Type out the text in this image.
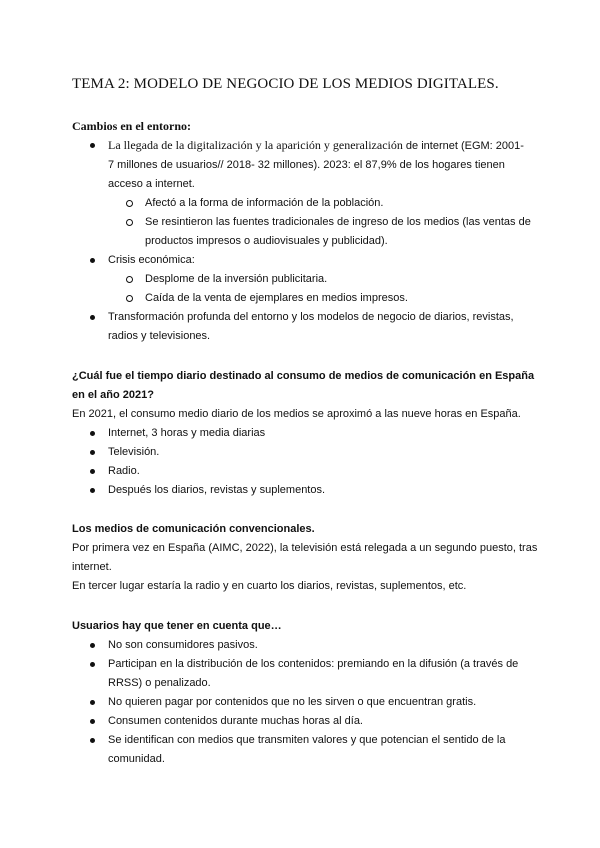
TEMA 2: MODELO DE NEGOCIO DE LOS MEDIOS DIGITALES.
Cambios en el entorno:
La llegada de la digitalización y la aparición y generalización de internet (EGM: 2001- 7 millones de usuarios// 2018- 32 millones). 2023: el 87,9% de los hogares tienen acceso a internet.
Afectó a la forma de información de la población.
Se resintieron las fuentes tradicionales de ingreso de los medios (las ventas de productos impresos o audiovisuales y publicidad).
Crisis económica:
Desplome de la inversión publicitaria.
Caída de la venta de ejemplares en medios impresos.
Transformación profunda del entorno y los modelos de negocio de diarios, revistas, radios y televisiones.
¿Cuál fue el tiempo diario destinado al consumo de medios de comunicación en España en el año 2021?
En 2021, el consumo medio diario de los medios se aproximó a las nueve horas en España.
Internet, 3 horas y media diarias
Televisión.
Radio.
Después los diarios, revistas y suplementos.
Los medios de comunicación convencionales.
Por primera vez en España (AIMC, 2022), la televisión está relegada a un segundo puesto, tras internet.
En tercer lugar estaría la radio y en cuarto los diarios, revistas, suplementos, etc.
Usuarios hay que tener en cuenta que…
No son consumidores pasivos.
Participan en la distribución de los contenidos: premiando en la difusión (a través de RRSS) o penalizado.
No quieren pagar por contenidos que no les sirven o que encuentran gratis.
Consumen contenidos durante muchas horas al día.
Se identifican con medios que transmiten valores y que potencian el sentido de la comunidad.
